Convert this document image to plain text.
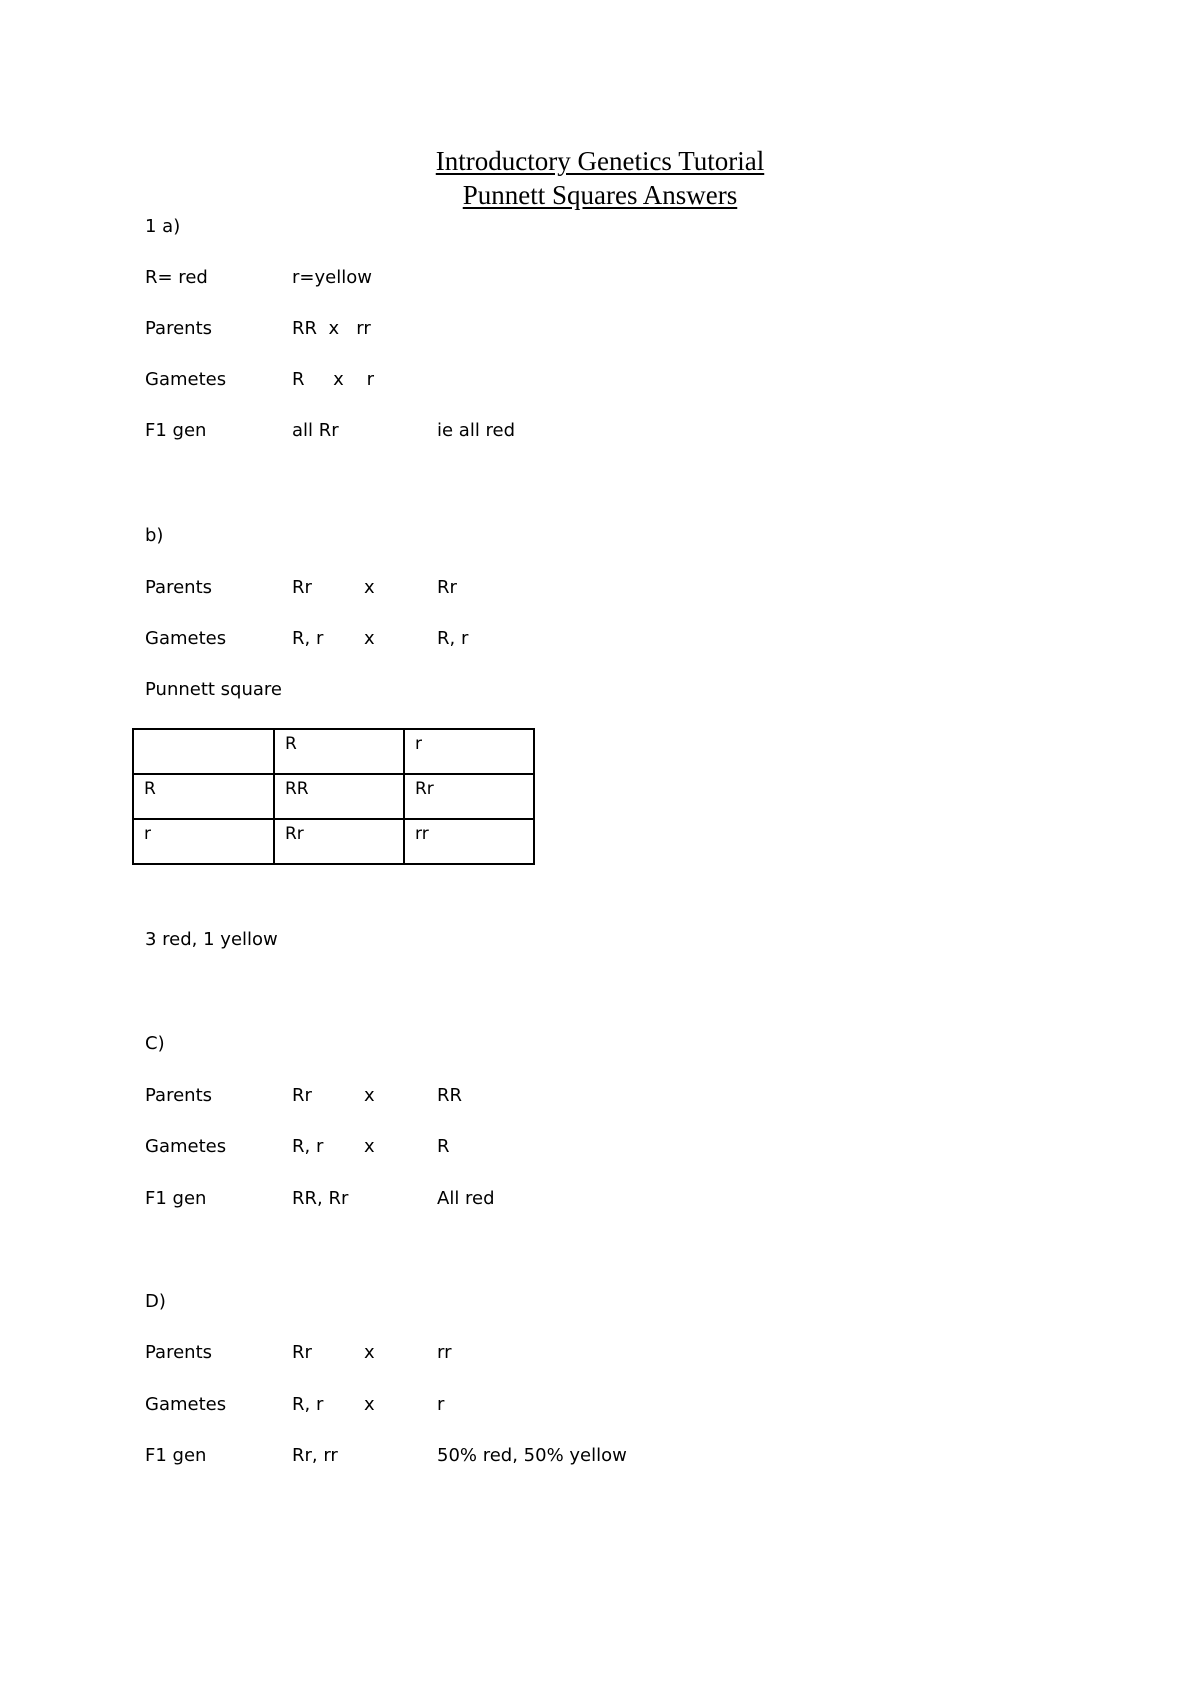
Introductory Genetics Tutorial
Punnett Squares Answers
1 a)
R= red	r=yellow
Parents	RR  x   rr
Gametes	R     x    r
F1 gen	all Rr	ie all red
b)
Parents	Rr	x	Rr
Gametes	R, r x	R, r
Punnett square
	R	r
R	RR	Rr
r	Rr	rr
3 red, 1 yellow
C)
Parents	Rr	x	RR
Gametes	R, r x	R
F1 gen	RR, Rr	All red
D)
Parents	Rr	x	rr
Gametes	R, r x	r
F1 gen	Rr, rr	50% red, 50% yellow
